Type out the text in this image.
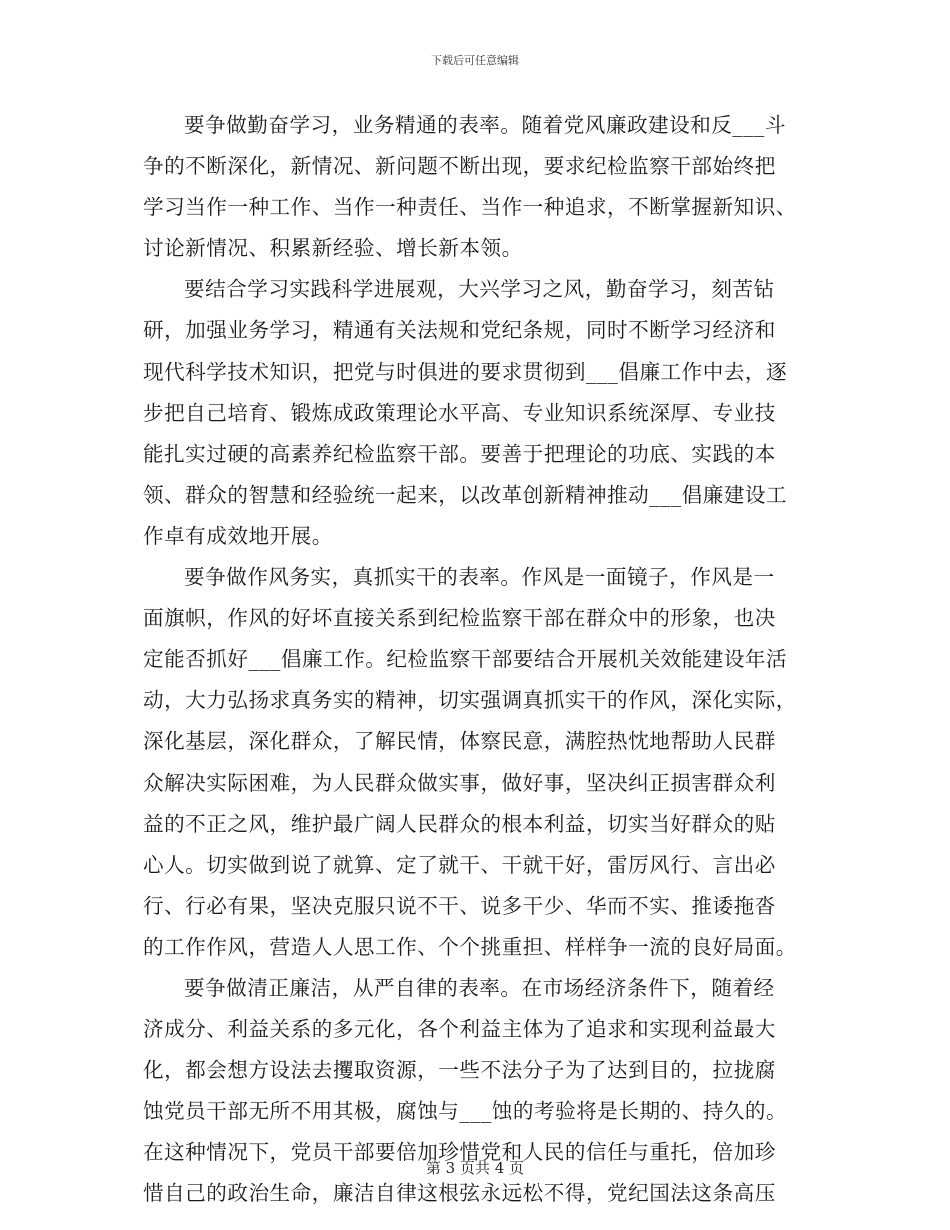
下载后可任意编辑

要争做勤奋学习，业务精通的表率。随着党风廉政建设和反___斗
争的不断深化，新情况、新问题不断出现，要求纪检监察干部始终把
学习当作一种工作、当作一种责任、当作一种追求，不断掌握新知识、
讨论新情况、积累新经验、增长新本领。

要结合学习实践科学进展观，大兴学习之风，勤奋学习，刻苦钻
研，加强业务学习，精通有关法规和党纪条规，同时不断学习经济和
现代科学技术知识，把党与时俱进的要求贯彻到___倡廉工作中去，逐
步把自己培育、锻炼成政策理论水平高、专业知识系统深厚、专业技
能扎实过硬的高素养纪检监察干部。要善于把理论的功底、实践的本
领、群众的智慧和经验统一起来，以改革创新精神推动___倡廉建设工
作卓有成效地开展。

要争做作风务实，真抓实干的表率。作风是一面镜子，作风是一
面旗帜，作风的好坏直接关系到纪检监察干部在群众中的形象，也决
定能否抓好___倡廉工作。纪检监察干部要结合开展机关效能建设年活
动，大力弘扬求真务实的精神，切实强调真抓实干的作风，深化实际，
深化基层，深化群众，了解民情，体察民意，满腔热忱地帮助人民群
众解决实际困难，为人民群众做实事，做好事，坚决纠正损害群众利
益的不正之风，维护最广阔人民群众的根本利益，切实当好群众的贴
心人。切实做到说了就算、定了就干、干就干好，雷厉风行、言出必
行、行必有果，坚决克服只说不干、说多干少、华而不实、推诿拖沓
的工作作风，营造人人思工作、个个挑重担、样样争一流的良好局面。

要争做清正廉洁，从严自律的表率。在市场经济条件下，随着经
济成分、利益关系的多元化，各个利益主体为了追求和实现利益最大
化，都会想方设法去攫取资源，一些不法分子为了达到目的，拉拢腐
蚀党员干部无所不用其极，腐蚀与___蚀的考验将是长期的、持久的。
在这种情况下，党员干部要倍加珍惜党和人民的信任与重托，倍加珍
惜自己的政治生命，廉洁自律这根弦永远松不得，党纪国法这条高压

第 3 页共 4 页
